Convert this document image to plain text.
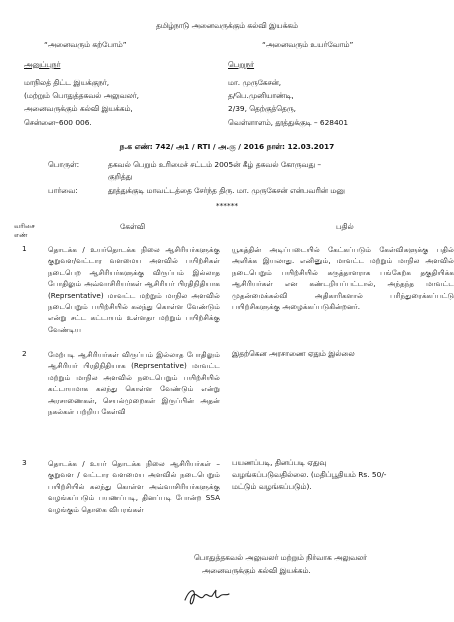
தமிழ்நாடு அனைவருக்கும் கல்வி இயக்கம்
“அனைவரும் கற்போம்”	“அனைவரும் உயர்வோம்”
அனுப்புநர்
மாநிலத் திட்ட இயக்குநர்,
(மற்றும் பொதுத்தகவல் அலுவலர்,
அனைவருக்கும் கல்வி இயக்கம்,
சென்னை–600 006.
பெறுநர்
மா. முருகேசன்,
த/பெ.முனியாண்டி,
2/39, தெற்குத்தெரு,
வெள்ளாளம், தூத்துக்குடி – 628401
ந.க எண்: 742/ அ1 / RTI / அ.கு / 2016 நாள்: 12.03.2017
பொருள்:	தகவல் பெறும் உரிமைச் சட்டம் 2005ன் கீழ் தகவல் கோருவது –
குறித்து
பார்வை:	தூத்துக்குடி மாவட்டத்தை சேர்ந்த திரு. மா. முருகேசன் என்பவரின் மனு
******
வரிசை
எண்
கேள்வி	பதில்
1	தொடக்க / உயர்தொடக்க நிலை ஆசிரியர்களுக்கு குறுவள/வட்டார வளமைய அளவில் பயிற்சிகள் நடைபெற ஆசிரியர்களுக்கு விருப்பம் இல்லாத போதிலும் அவ்வாசிரியர்கள் ஆசிரியர் பிரதிநிதியாக (Reprsentative) மாவட்ட மற்றும் மாநில அளவில் நடைபெறும் பயிற்சியில் கலந்து கொள்ள வேண்டும் என்று சட்ட கட்டாயம் உள்ளதா மற்றும் பயிற்சிக்கு வேண்டிய
யூகத்தின் அடிப்படையில் கேட்கப்படும் கேள்விகளுக்கு பதில் அளிக்க இயலாது. எனினும், மாவட்ட மற்றும் மாநில அளவில் நடைபெறும் பயிற்சியில் கருத்தாளராக பங்கேற்க தகுதியிக்க ஆசிரியர்கள் என கண்டறியப்பட்டால், அந்தந்த மாவட்ட முதன்மைக்கல்வி அதிகாரிகளால் பரிந்துரைக்கப்பட்டு பயிற்சிகளுக்கு அழைக்கப்படுகின்றனர்.
2	மேற்படி ஆசிரியர்கள் விருப்பம் இல்லாத போதிலும் ஆசிரியர் பிரதிநிதியாக (Reprsentative) மாவட்ட மற்றும் மாநில அளவில் நடைபெறும் பயிற்சியில் கட்டாயமாக கலந்து கொள்ள வேண்டும் என்று அரசாணைகள், செயல்முறைகள் இருப்பின் அதன் நகல்கள் பற்றிய கேள்வி
இதற்கென அரசாணை ஏதும் இல்லை
3	தொடக்க / உயர் தொடக்க நிலை ஆசிரியர்கள் – குறுவள / வட்டார வளமைய அளவில் நடைபெறும் பயிற்சியில் கலந்து கொள்ள அவ்வாசிரியர்களுக்கு வழங்கப்படும் பயணப்படி, தினப்படி போன்ற SSA வழங்கும் தொகை விபரங்கள்
பயணப்படி, தினப்படி ஏதுவு
வழங்கப்படுவதில்லை. (மதிப்பூதியம் Rs. 50/-
மட்டும் வழங்கப்படும்).
பொதுத்தகவல் அலுவலர் மற்றும் நிர்வாக அலுவலர்
அனைவருக்கும் கல்வி இயக்கம்.
